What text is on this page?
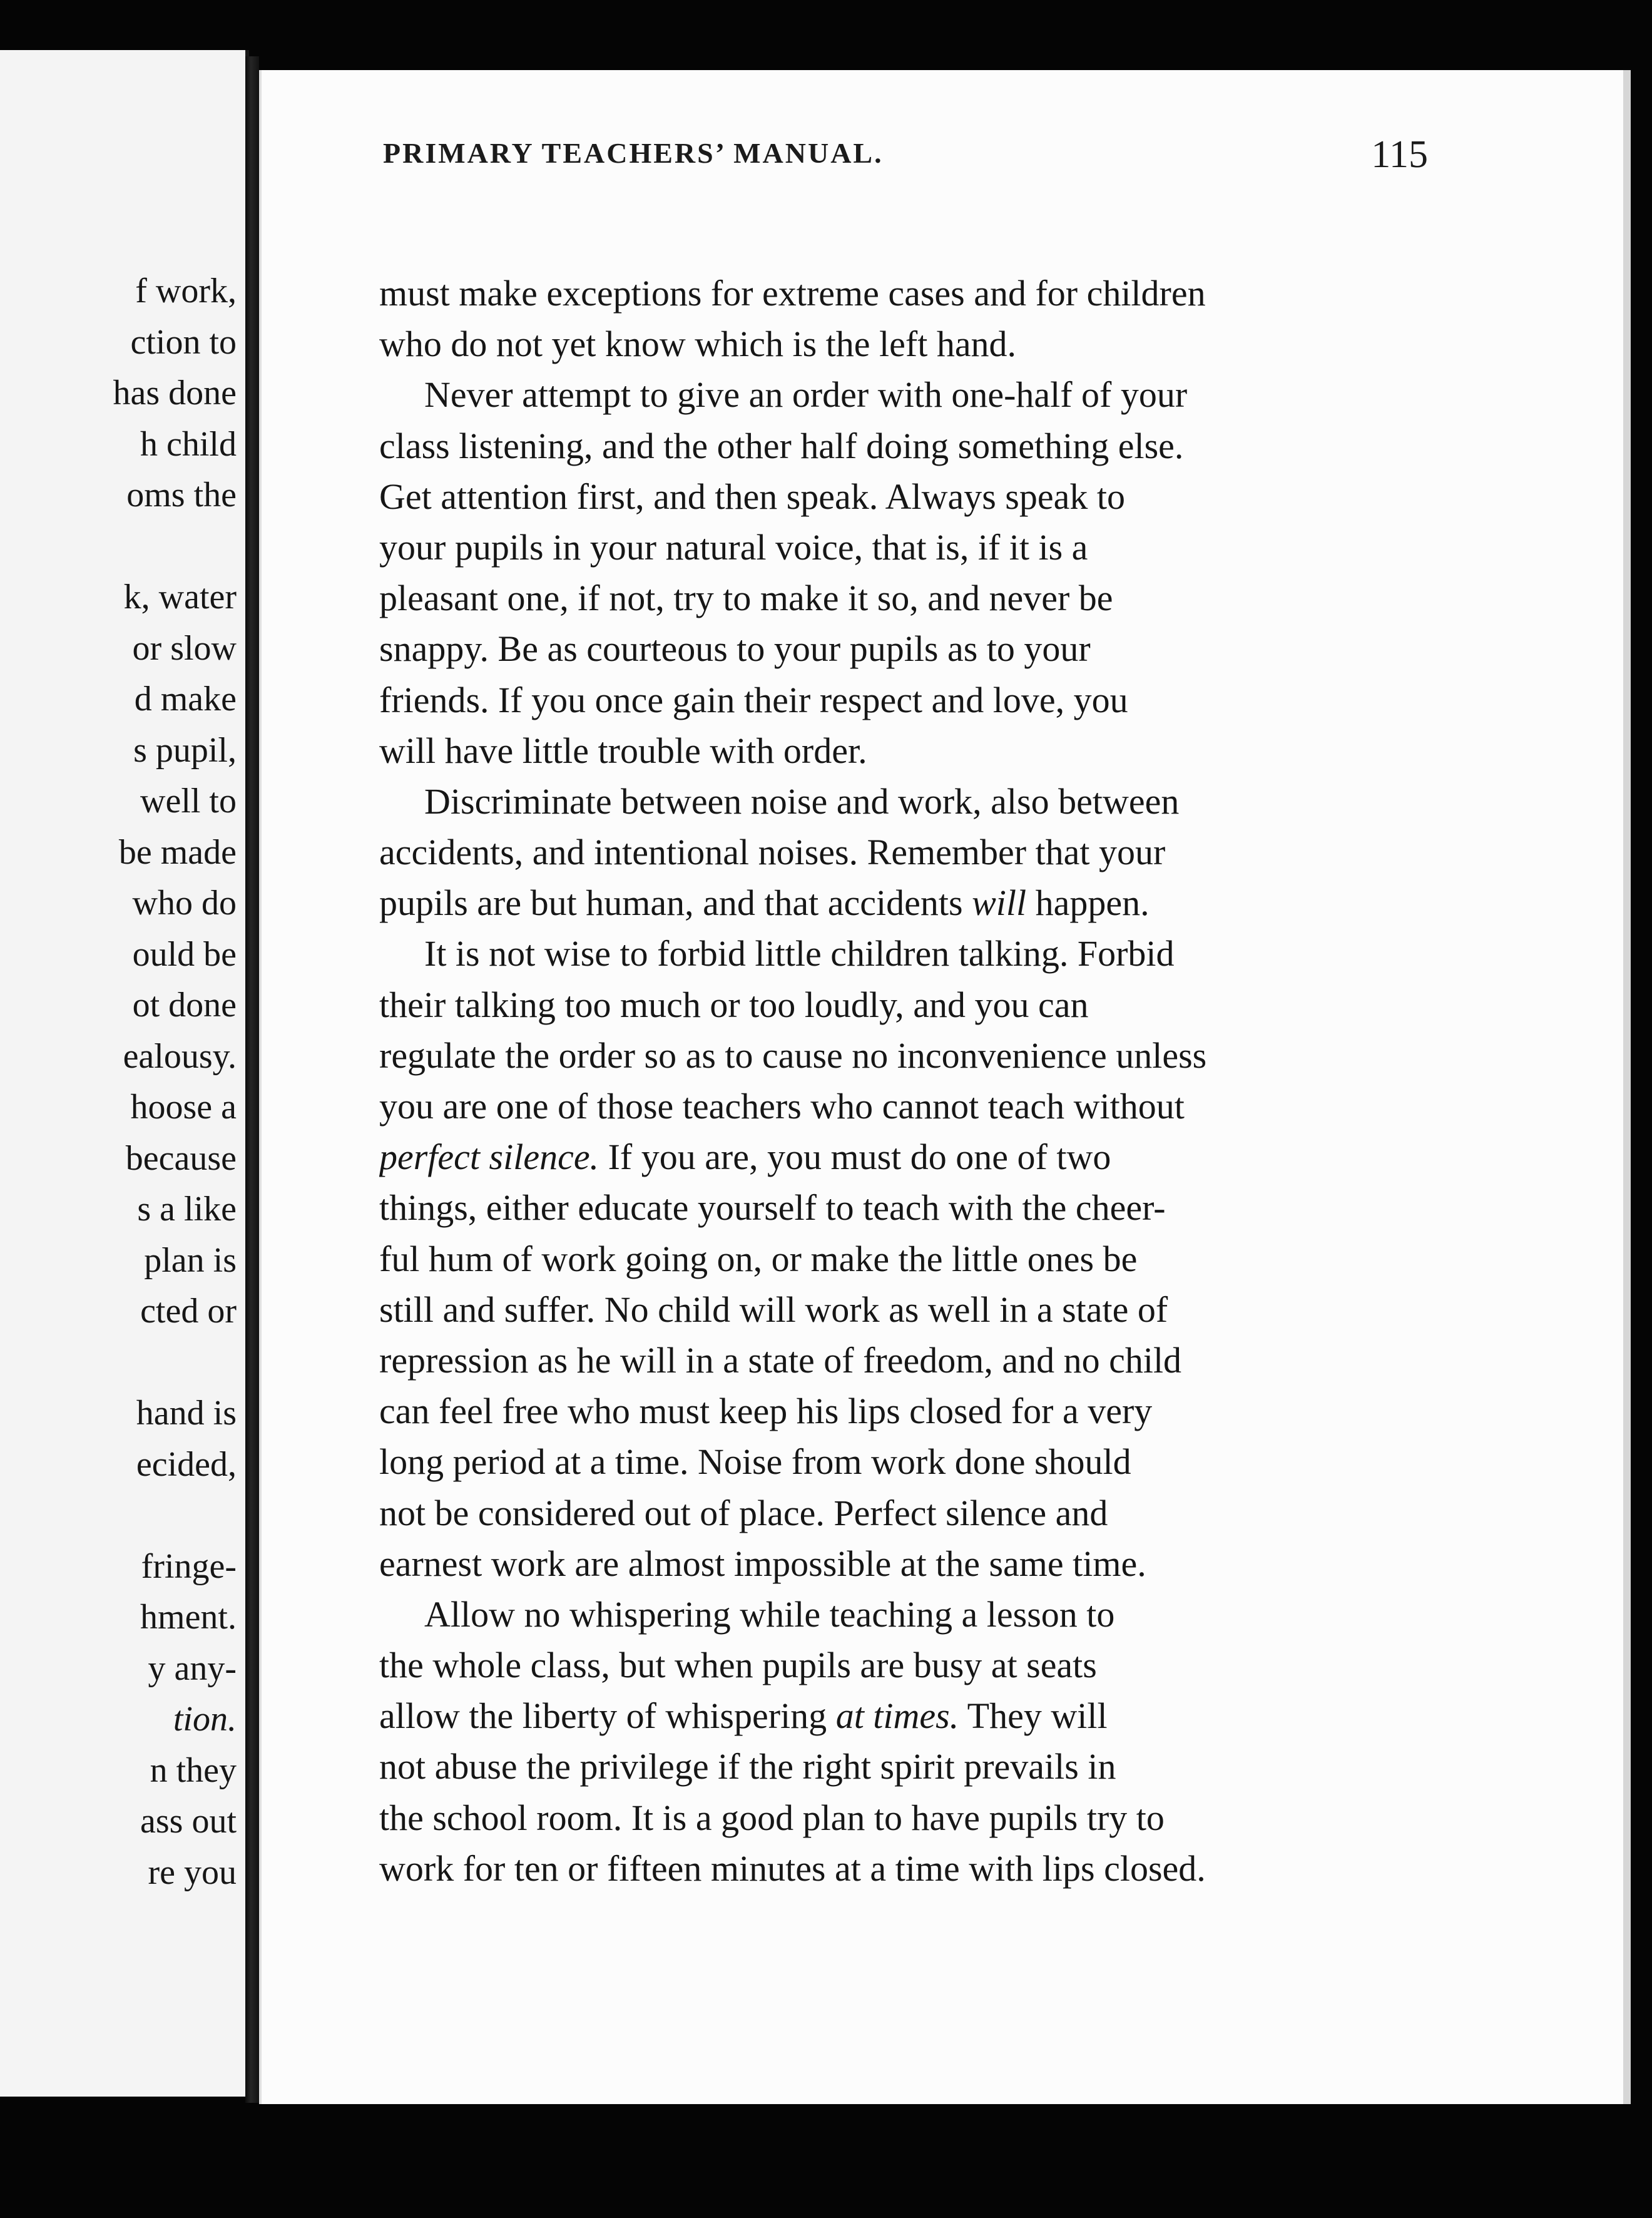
f work,
ction to
has done
h child
oms the

k, water
or slow
d make
s pupil,
well to
be made
who do
ould be
ot done
ealousy.
hoose a
because
s a like
plan is
cted or

hand is
ecided,

fringe-
hment.
y any-
tion.
n they
ass out
re you
PRIMARY TEACHERS’ MANUAL.	115
must make exceptions for extreme cases and for children
who do not yet know which is the left hand.
Never attempt to give an order with one-half of your
class listening, and the other half doing something else.
Get attention first, and then speak. Always speak to
your pupils in your natural voice, that is, if it is a
pleasant one, if not, try to make it so, and never be
snappy. Be as courteous to your pupils as to your
friends. If you once gain their respect and love, you
will have little trouble with order.
Discriminate between noise and work, also between
accidents, and intentional noises. Remember that your
pupils are but human, and that accidents will happen.
It is not wise to forbid little children talking. Forbid
their talking too much or too loudly, and you can
regulate the order so as to cause no inconvenience unless
you are one of those teachers who cannot teach without
perfect silence. If you are, you must do one of two
things, either educate yourself to teach with the cheer-
ful hum of work going on, or make the little ones be
still and suffer. No child will work as well in a state of
repression as he will in a state of freedom, and no child
can feel free who must keep his lips closed for a very
long period at a time. Noise from work done should
not be considered out of place. Perfect silence and
earnest work are almost impossible at the same time.
Allow no whispering while teaching a lesson to
the whole class, but when pupils are busy at seats
allow the liberty of whispering at times. They will
not abuse the privilege if the right spirit prevails in
the school room. It is a good plan to have pupils try to
work for ten or fifteen minutes at a time with lips closed.
